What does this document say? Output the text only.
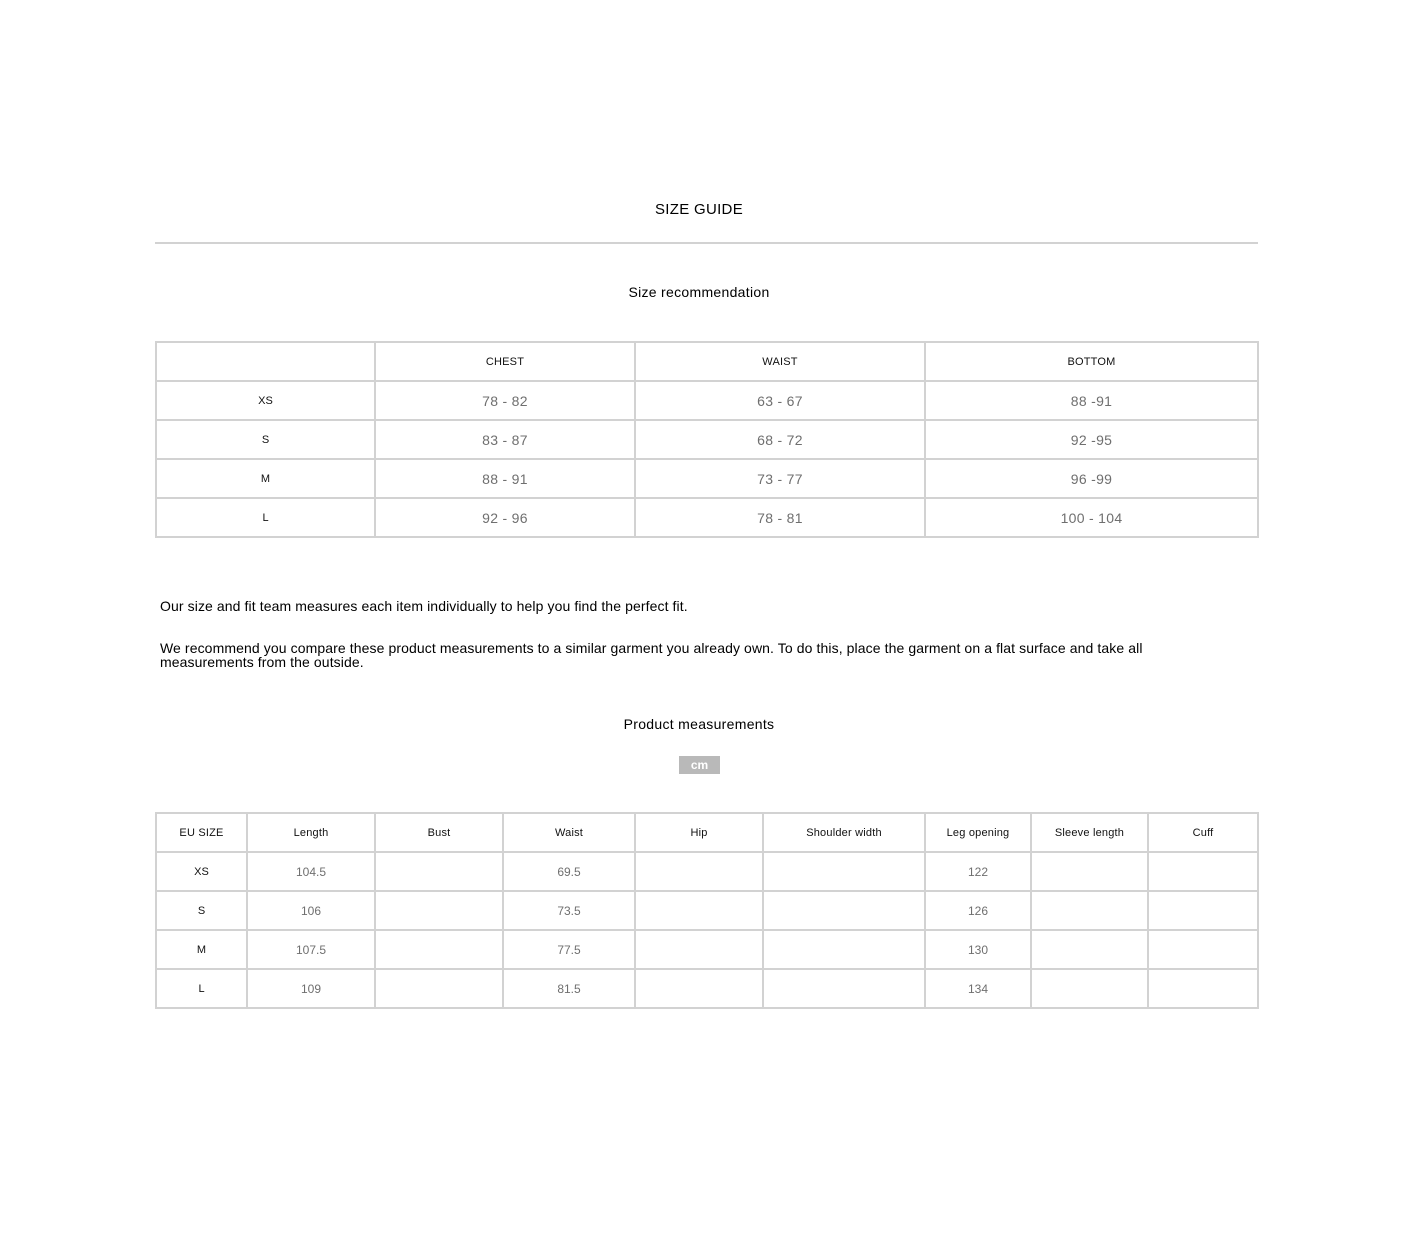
SIZE GUIDE
Size recommendation
	CHEST	WAIST	BOTTOM
XS	78 - 82	63 - 67	88 -91
S	83 - 87	68 - 72	92 -95
M	88 - 91	73 - 77	96 -99
L	92 - 96	78 - 81	100 - 104
Our size and fit team measures each item individually to help you find the perfect fit.
We recommend you compare these product measurements to a similar garment you already own. To do this, place the garment on a flat surface and take all measurements from the outside.
Product measurements
cm
EU SIZE	Length	Bust	Waist	Hip	Shoulder width	Leg opening	Sleeve length	Cuff
XS	104.5		69.5			122		
S	106		73.5			126		
M	107.5		77.5			130		
L	109		81.5			134		
